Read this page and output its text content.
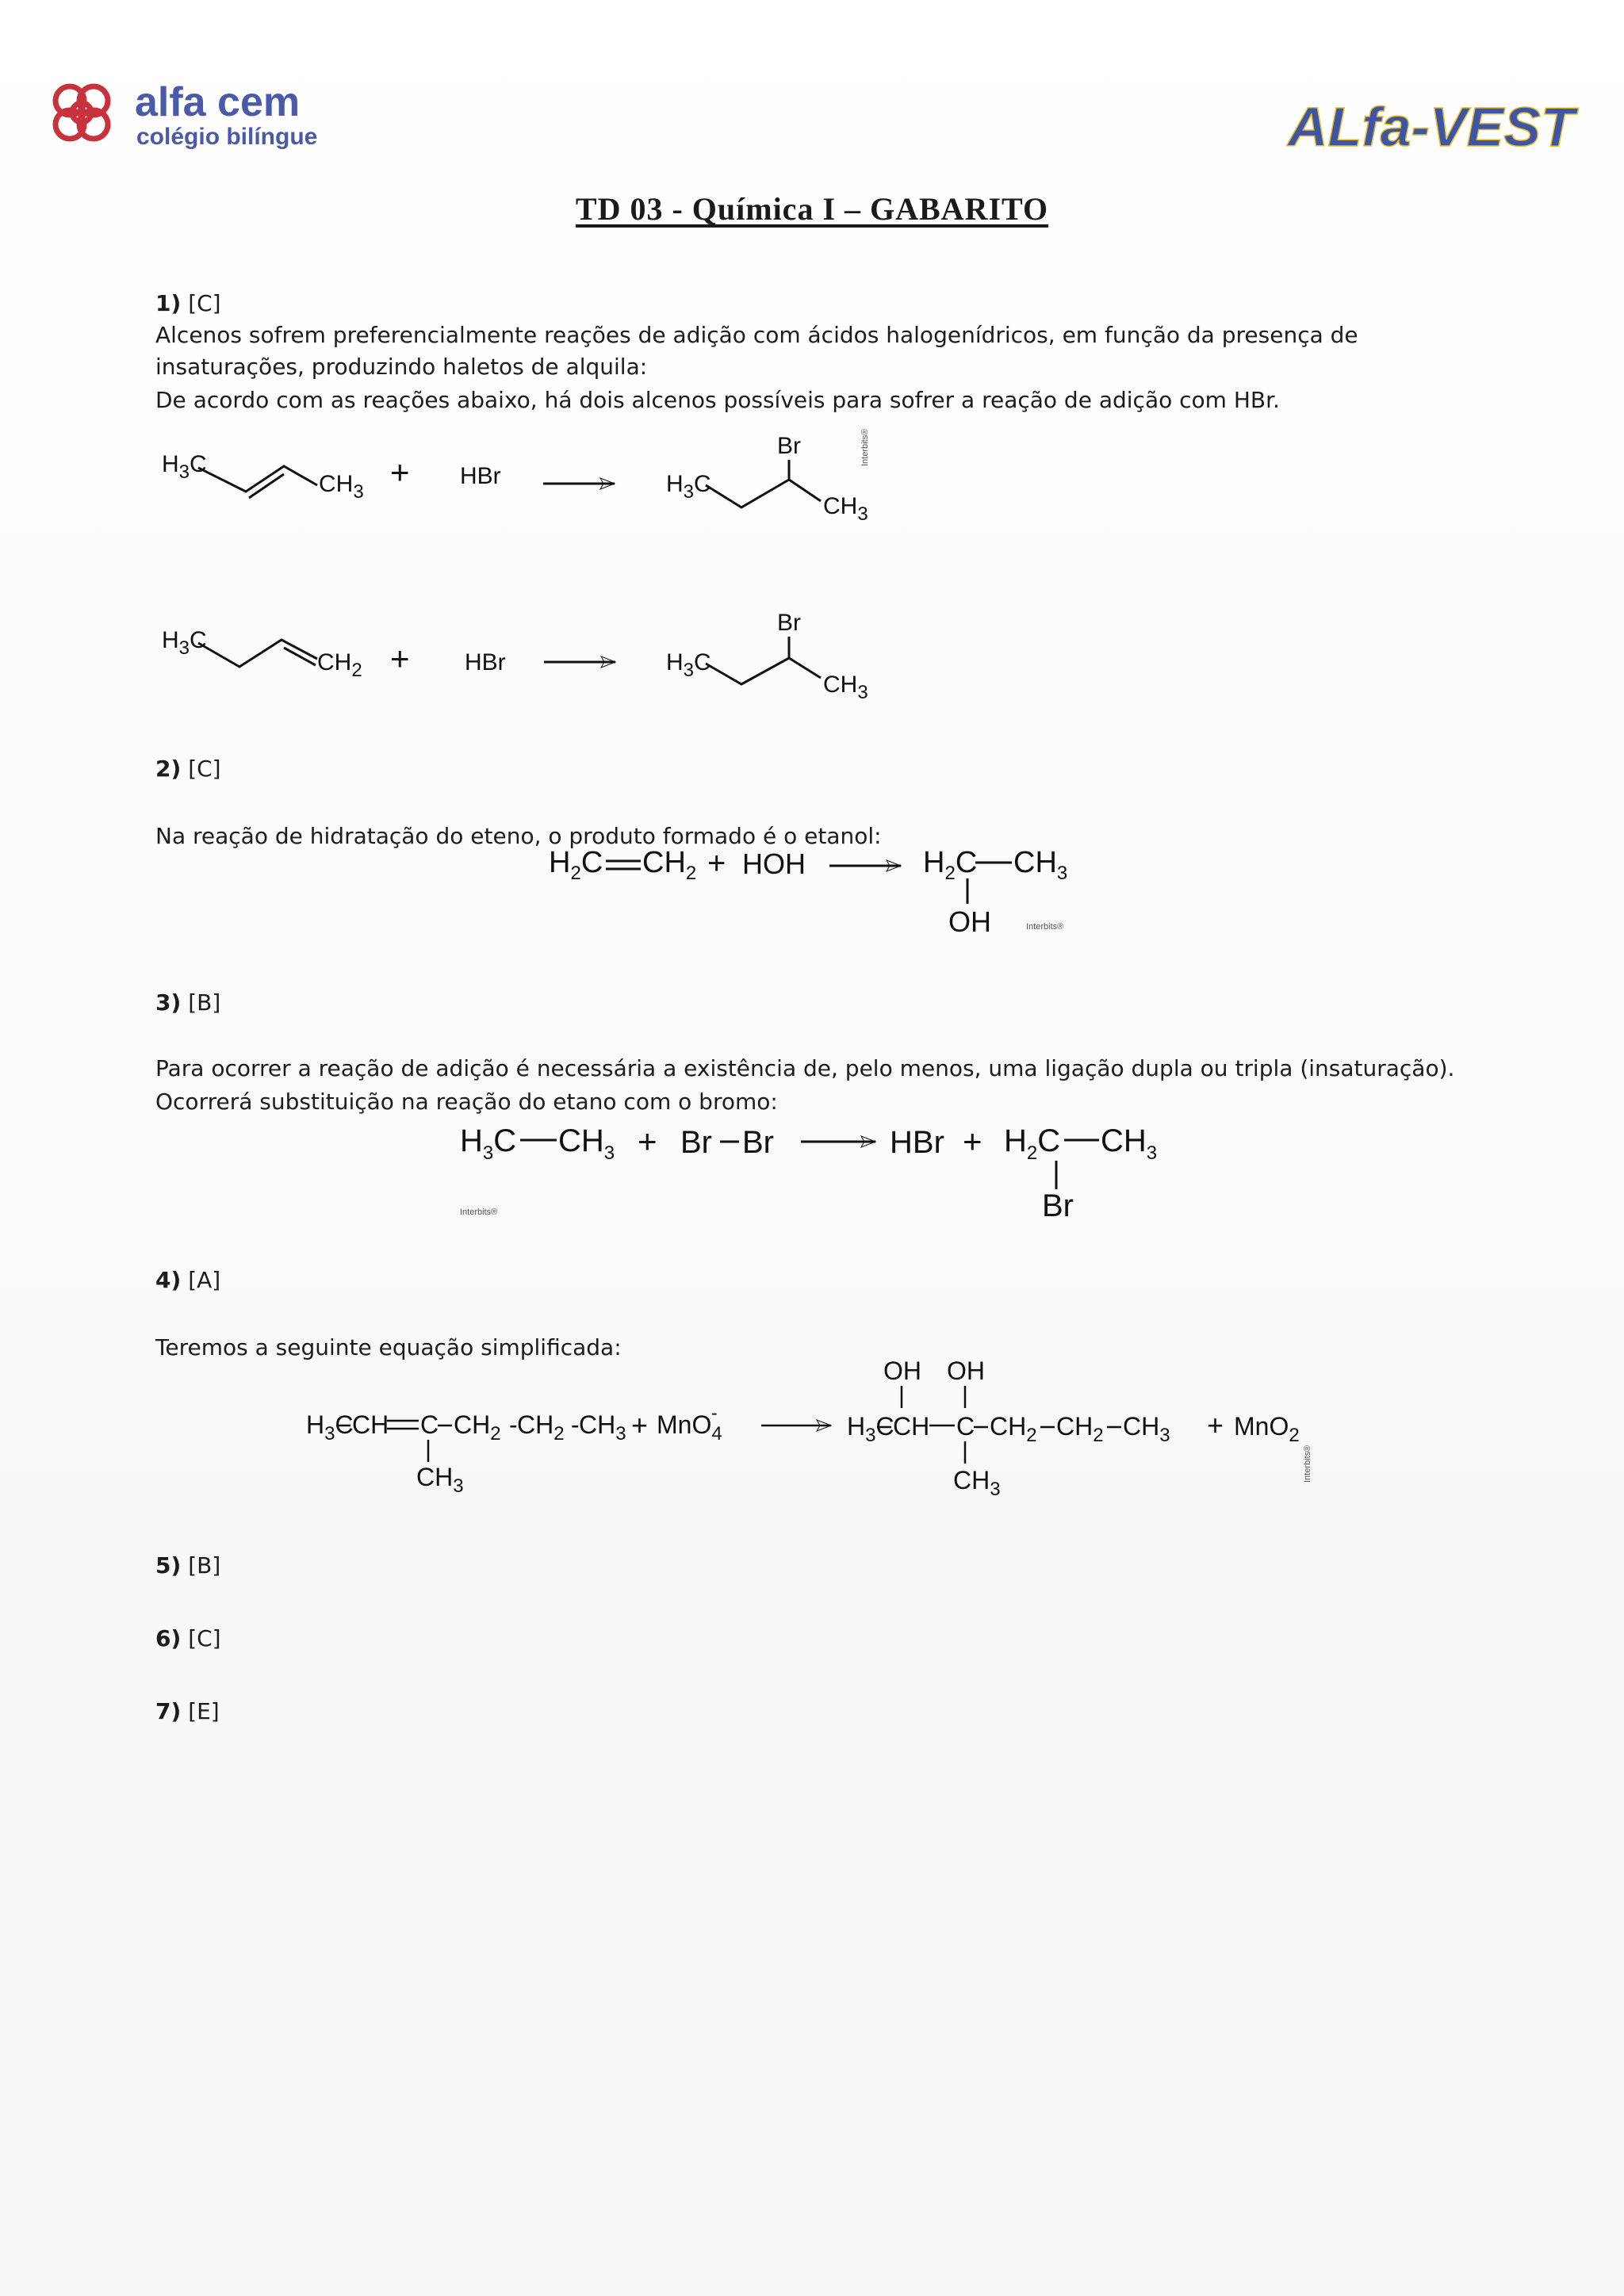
alfa cem
colégio bilíngue	ALfa-VEST
TD 03 - Química I – GABARITO
1) [C]
Alcenos sofrem preferencialmente reações de adição com ácidos halogenídricos, em função da presença de
insaturações, produzindo haletos de alquila:
De acordo com as reações abaixo, há dois alcenos possíveis para sofrer a reação de adição com HBr.
$H_3C$
$CH_3$
+ HBr	$H_3C$
Br
$CH_3$
Interbits®
$H_3C$
$CH_2$ + HBr	$H_3C$
Br
$CH_3$
2) [C]
Na reação de hidratação do eteno, o produto formado é o etanol:
$H_2C$ $CH_2$ + HOH	$H_2C$ $CH_3$
OH	Interbits®
3) [B]
Para ocorrer a reação de adição é necessária a existência de, pelo menos, uma ligação dupla ou tripla (insaturação).
Ocorrerá substituição na reação do etano com o bromo:
$H_3C$ $CH_3 + Br$ Br	HBr + $H_2C$ $CH_3$
Br
Interbits®
4) [A]
Teremos a seguinte equação simplificada:
$H_3C$
CH C $CH_2 - CH_2 - CH_3$
$CH_3$
+ MnO$_4$-	$H_3C$
CH C $CH_2$ $CH_2$ $CH_3 + MnO_2$
OH OH
$CH_3$
Interbits®
5) [B]
6) [C]
7) [E]
